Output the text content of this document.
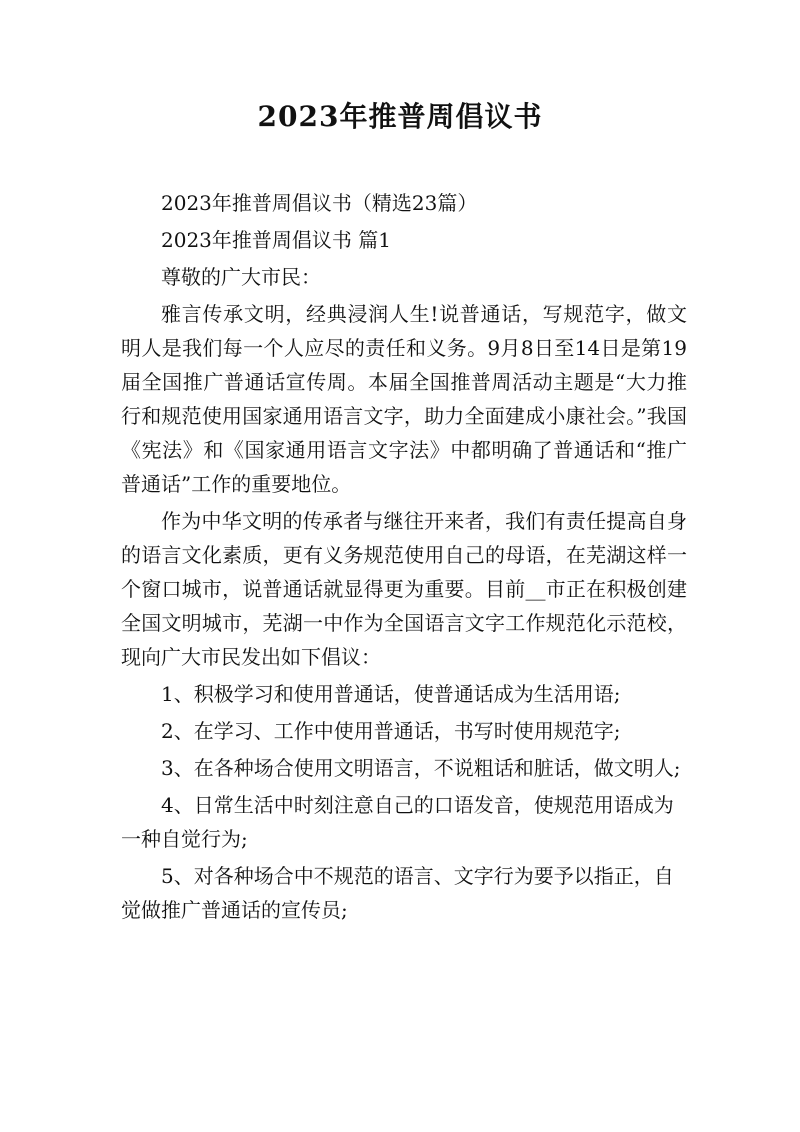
2023年推普周倡议书

2023年推普周倡议书（精选23篇）

2023年推普周倡议书 篇1

尊敬的广大市民：

雅言传承文明，经典浸润人生!说普通话，写规范字，做文明人是我们每一个人应尽的责任和义务。9月8日至14日是第19届全国推广普通话宣传周。本届全国推普周活动主题是“大力推行和规范使用国家通用语言文字，助力全面建成小康社会。”我国《宪法》和《国家通用语言文字法》中都明确了普通话和“推广普通话”工作的重要地位。

作为中华文明的传承者与继往开来者，我们有责任提高自身的语言文化素质，更有义务规范使用自己的母语，在芜湖这样一个窗口城市，说普通话就显得更为重要。目前__市正在积极创建全国文明城市，芜湖一中作为全国语言文字工作规范化示范校，现向广大市民发出如下倡议：

1、积极学习和使用普通话，使普通话成为生活用语;

2、在学习、工作中使用普通话，书写时使用规范字;

3、在各种场合使用文明语言，不说粗话和脏话，做文明人;

4、日常生活中时刻注意自己的口语发音，使规范用语成为一种自觉行为;

5、对各种场合中不规范的语言、文字行为要予以指正，自觉做推广普通话的宣传员;
